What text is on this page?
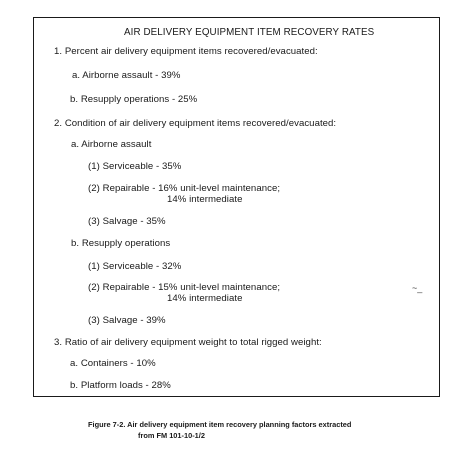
AIR DELIVERY EQUIPMENT ITEM RECOVERY RATES
1. Percent air delivery equipment items recovered/evacuated:
a. Airborne assault - 39%
b. Resupply operations - 25%
2. Condition of air delivery equipment items recovered/evacuated:
a. Airborne assault
(1) Serviceable - 35%
(2) Repairable - 16% unit-level maintenance;
14% intermediate
(3) Salvage - 35%
b. Resupply operations
(1) Serviceable - 32%
(2) Repairable - 15% unit-level maintenance;
14% intermediate
(3) Salvage - 39%
~_
3. Ratio of air delivery equipment weight to total rigged weight:
a. Containers - 10%
b. Platform loads - 28%
Figure 7-2. Air delivery equipment item recovery planning factors extracted
from FM 101-10-1/2
